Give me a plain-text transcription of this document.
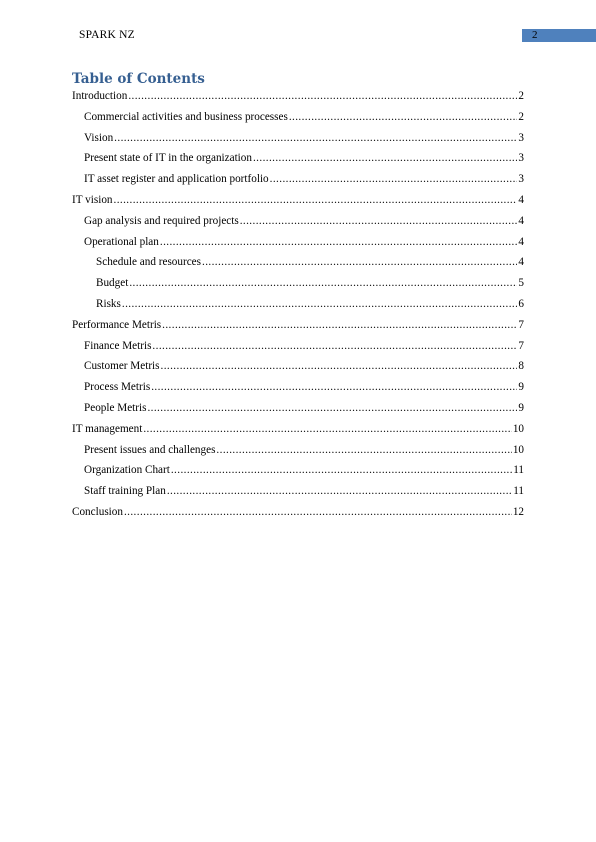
SPARK NZ	2
Table of Contents
Introduction .....	2
Commercial activities and business processes .....	2
Vision .....	3
Present state of IT in the organization .....	3
IT asset register and application portfolio .....	3
IT vision .....	4
Gap analysis and required projects .....	4
Operational plan .....	4
Schedule and resources .....	4
Budget .....	5
Risks .....	6
Performance Metris .....	7
Finance Metris .....	7
Customer Metris .....	8
Process Metris .....	9
People Metris .....	9
IT management .....	10
Present issues and challenges .....	10
Organization Chart .....	11
Staff training Plan .....	11
Conclusion .....	12
